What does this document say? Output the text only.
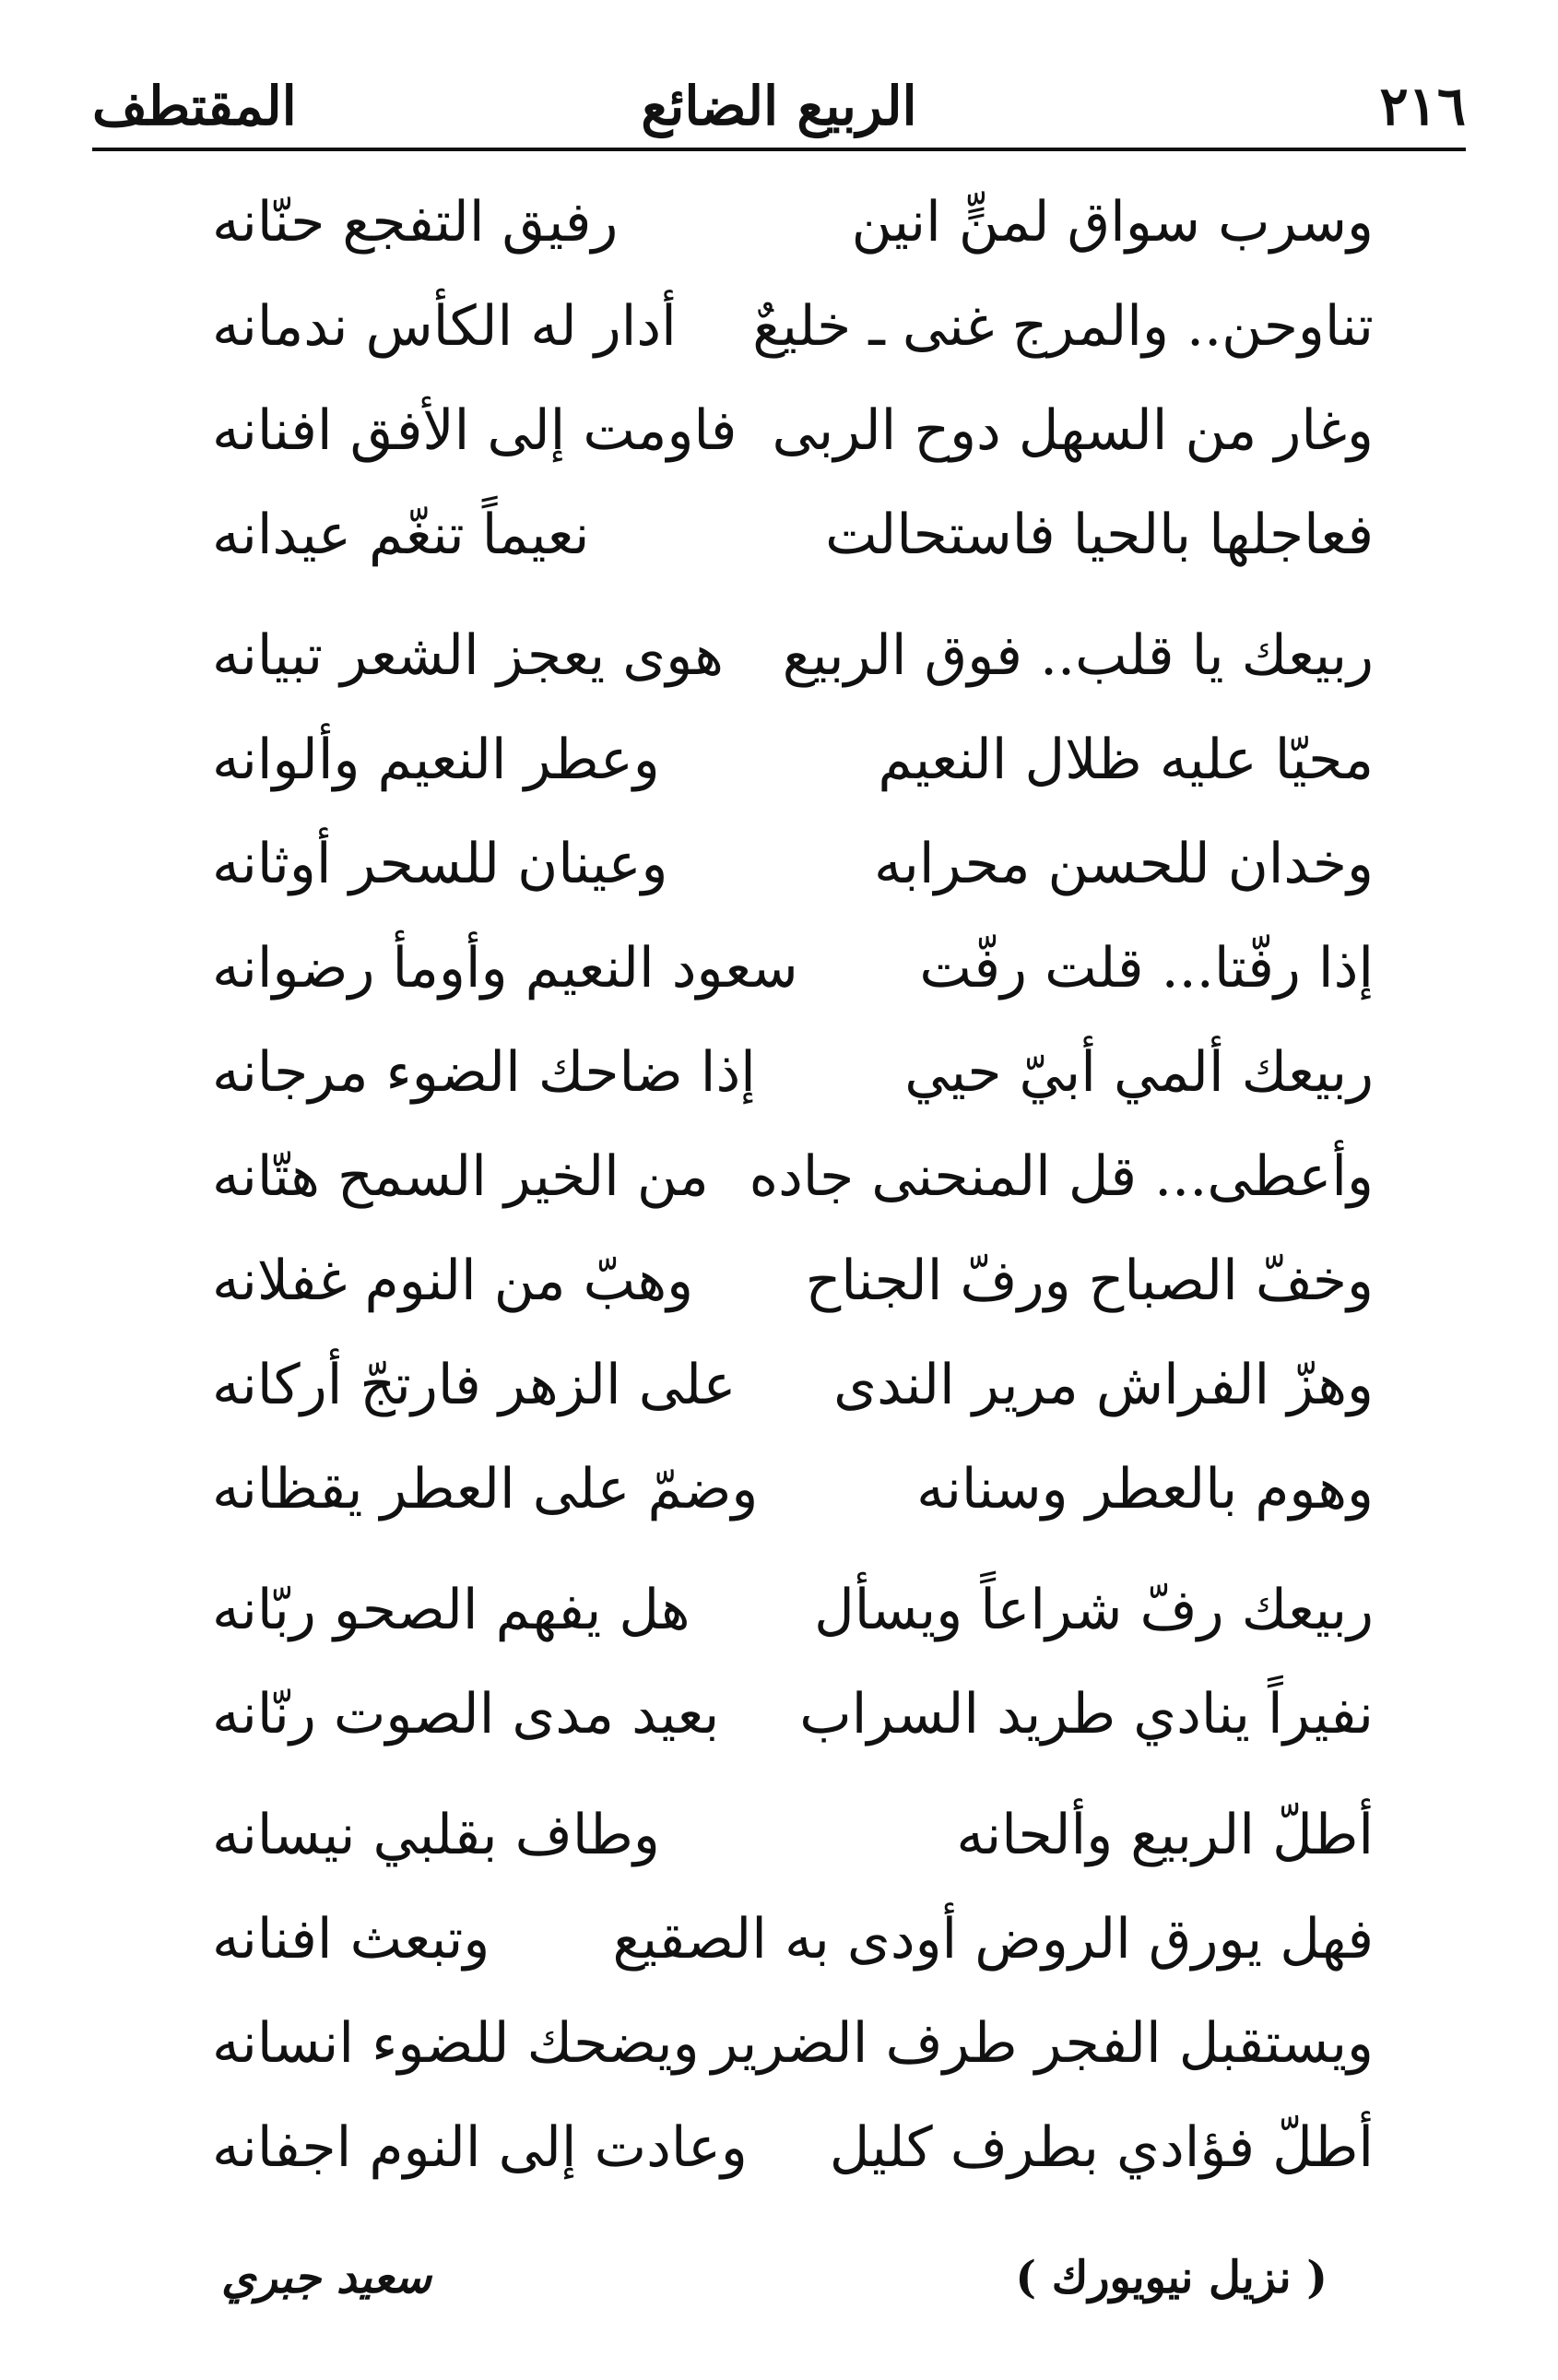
٢١٦
الربيع الضائع
المقتطف
وسرب سواق لمنٍّ انين
رفيق التفجع حنّانه
تناوحن.. والمرج غنى ـ خليعٌ
أدار له الكأس ندمانه
وغار من السهل دوح الربى
فاومت إلى الأفق افنانه
فعاجلها بالحيا فاستحالت
نعيماً تنغّم عيدانه
ربيعك يا قلب.. فوق الربيع
هوى يعجز الشعر تبيانه
محيّا عليه ظلال النعيم
وعطر النعيم وألوانه
وخدان للحسن محرابه
وعينان للسحر أوثانه
إذا رفّتا... قلت رفّت
سعود النعيم وأومأ رضوانه
ربيعك ألمي أبيّ حيي
إذا ضاحك الضوء مرجانه
وأعطى... قل المنحنى جاده
من الخير السمح هتّانه
وخفّ الصباح ورفّ الجناح
وهبّ من النوم غفلانه
وهزّ الفراش مرير الندى
على الزهر فارتجّ أركانه
وهوم بالعطر وسنانه
وضمّ على العطر يقظانه
ربيعك رفّ شراعاً ويسأل
هل يفهم الصحو ربّانه
نفيراً ينادي طريد السراب
بعيد مدى الصوت رنّانه
أطلّ الربيع وألحانه
وطاف بقلبي نيسانه
فهل يورق الروض أودى به الصقيع
وتبعث افنانه
ويستقبل الفجر طرف الضرير
ويضحك للضوء انسانه
أطلّ فؤادي بطرف كليل
وعادت إلى النوم اجفانه
( نزيل نيويورك )
سعيد جبري
